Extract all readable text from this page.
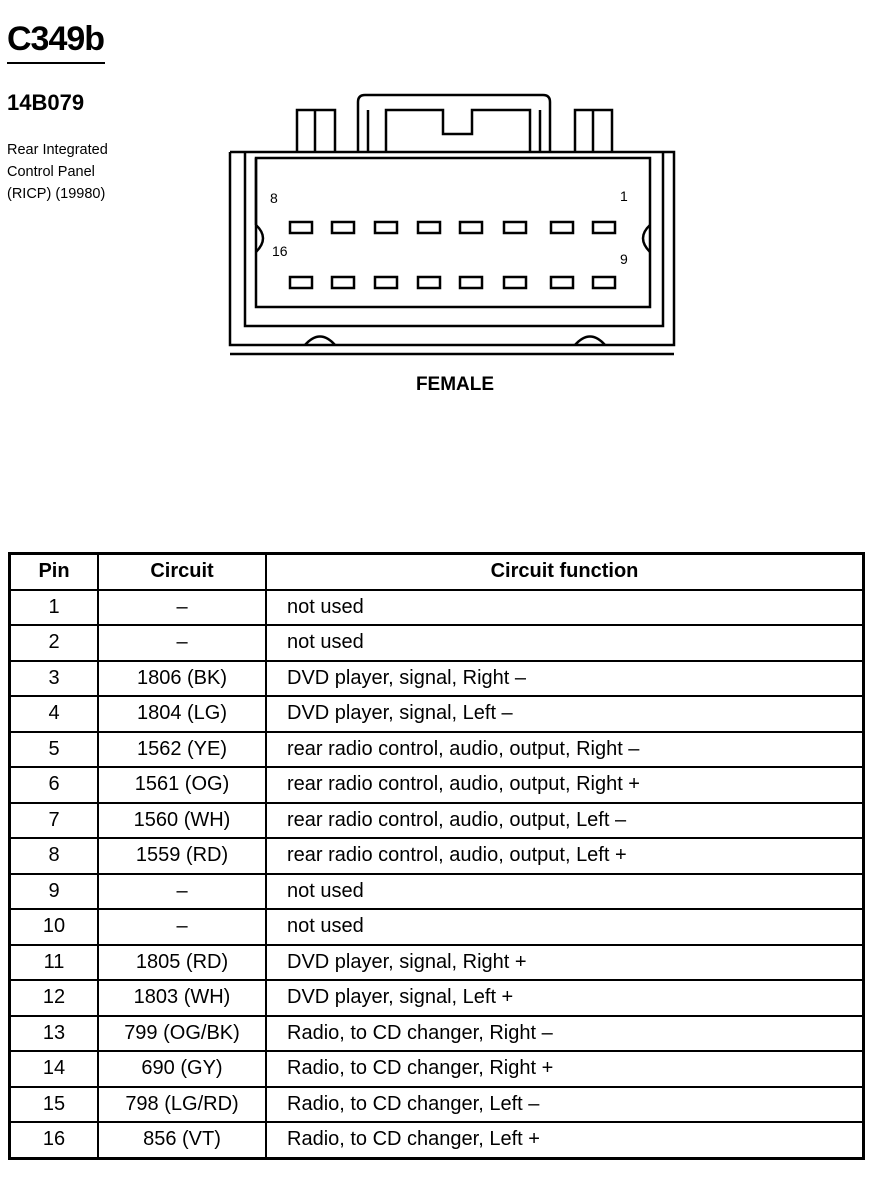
C349b
14B079
Rear Integrated
Control Panel
(RICP) (19980)	8	1
16	9
FEMALE
Pin	Circuit	Circuit function
1	–	not used
2	–	not used
3	1806 (BK)	DVD player, signal, Right –
4	1804 (LG)	DVD player, signal, Left –
5	1562 (YE)	rear radio control, audio, output, Right –
6	1561 (OG)	rear radio control, audio, output, Right +
7	1560 (WH)	rear radio control, audio, output, Left –
8	1559 (RD)	rear radio control, audio, output, Left +
9	–	not used
10	–	not used
11	1805 (RD)	DVD player, signal, Right +
12	1803 (WH)	DVD player, signal, Left +
13	799 (OG/BK)	Radio, to CD changer, Right –
14	690 (GY)	Radio, to CD changer, Right +
15	798 (LG/RD)	Radio, to CD changer, Left –
16	856 (VT)	Radio, to CD changer, Left +
